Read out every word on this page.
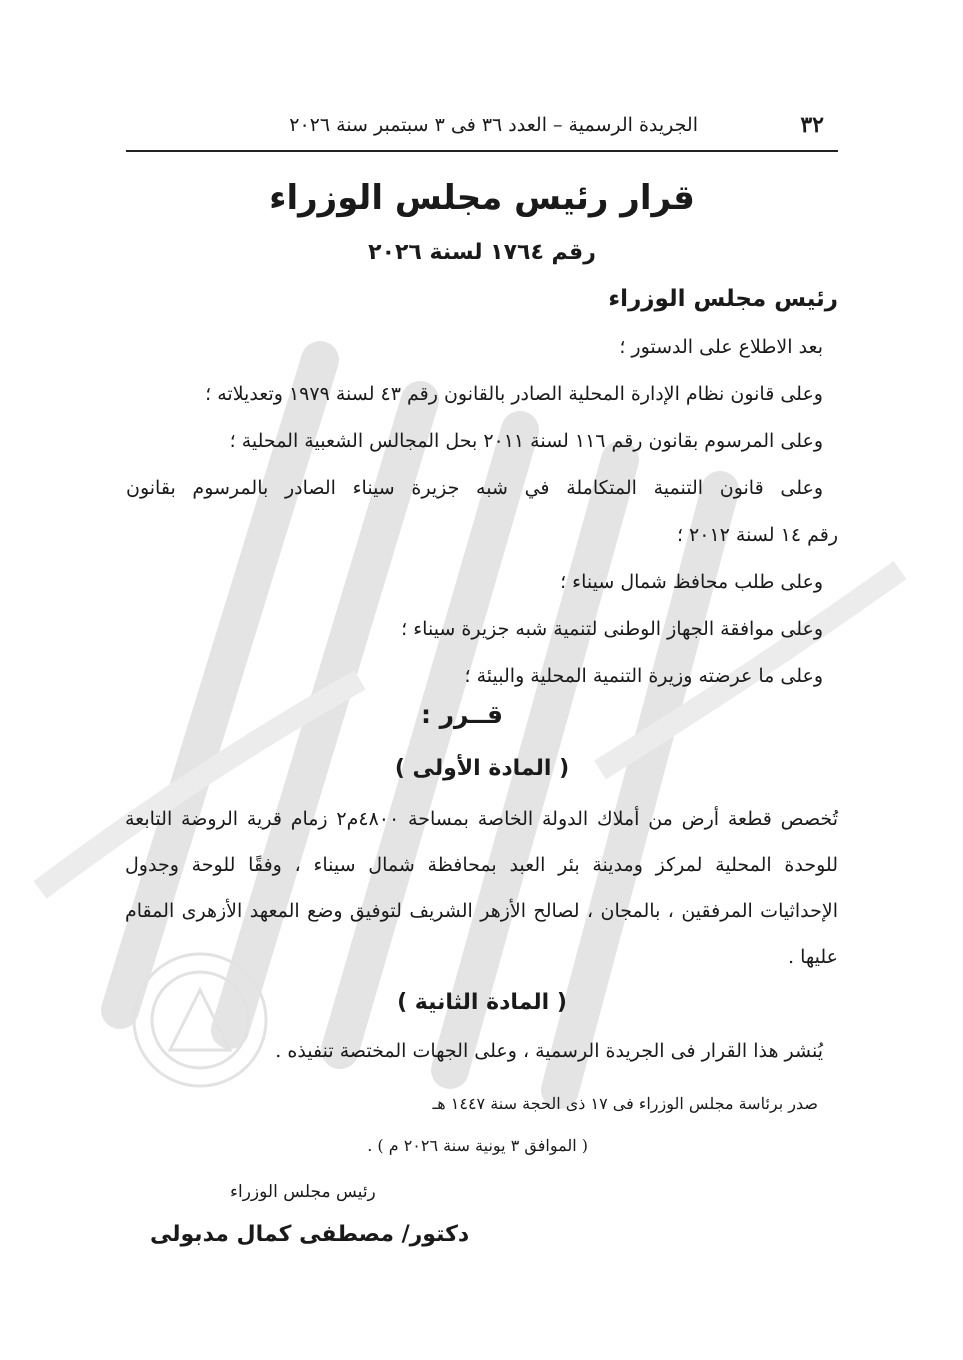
٣٢
الجريدة الرسمية – العدد ٣٦ فى ٣ سبتمبر سنة ٢٠٢٦
قرار رئيس مجلس الوزراء
رقم ١٧٦٤ لسنة ٢٠٢٦
رئيس مجلس الوزراء
بعد الاطلاع على الدستور ؛
وعلى قانون نظام الإدارة المحلية الصادر بالقانون رقم ٤٣ لسنة ١٩٧٩ وتعديلاته ؛
وعلى المرسوم بقانون رقم ١١٦ لسنة ٢٠١١ بحل المجالس الشعبية المحلية ؛
وعلى قانون التنمية المتكاملة في شبه جزيرة سيناء الصادر بالمرسوم بقانون
رقم ١٤ لسنة ٢٠١٢ ؛
وعلى طلب محافظ شمال سيناء ؛
وعلى موافقة الجهاز الوطنى لتنمية شبه جزيرة سيناء ؛
وعلى ما عرضته وزيرة التنمية المحلية والبيئة ؛
قــرر :
( المادة الأولى )
تُخصص قطعة أرض من أملاك الدولة الخاصة بمساحة ٤٨٠٠م٢ زمام قرية الروضة التابعة للوحدة المحلية لمركز ومدينة بئر العبد بمحافظة شمال سيناء ، وفقًا للوحة وجدول الإحداثيات المرفقين ، بالمجان ، لصالح الأزهر الشريف لتوفيق وضع المعهد الأزهرى المقام عليها .
( المادة الثانية )
يُنشر هذا القرار فى الجريدة الرسمية ، وعلى الجهات المختصة تنفيذه .
صدر برئاسة مجلس الوزراء فى ١٧ ذى الحجة سنة ١٤٤٧ هـ
( الموافق ٣ يونية سنة ٢٠٢٦ م ) .
رئيس مجلس الوزراء
دكتور/ مصطفى كمال مدبولى
